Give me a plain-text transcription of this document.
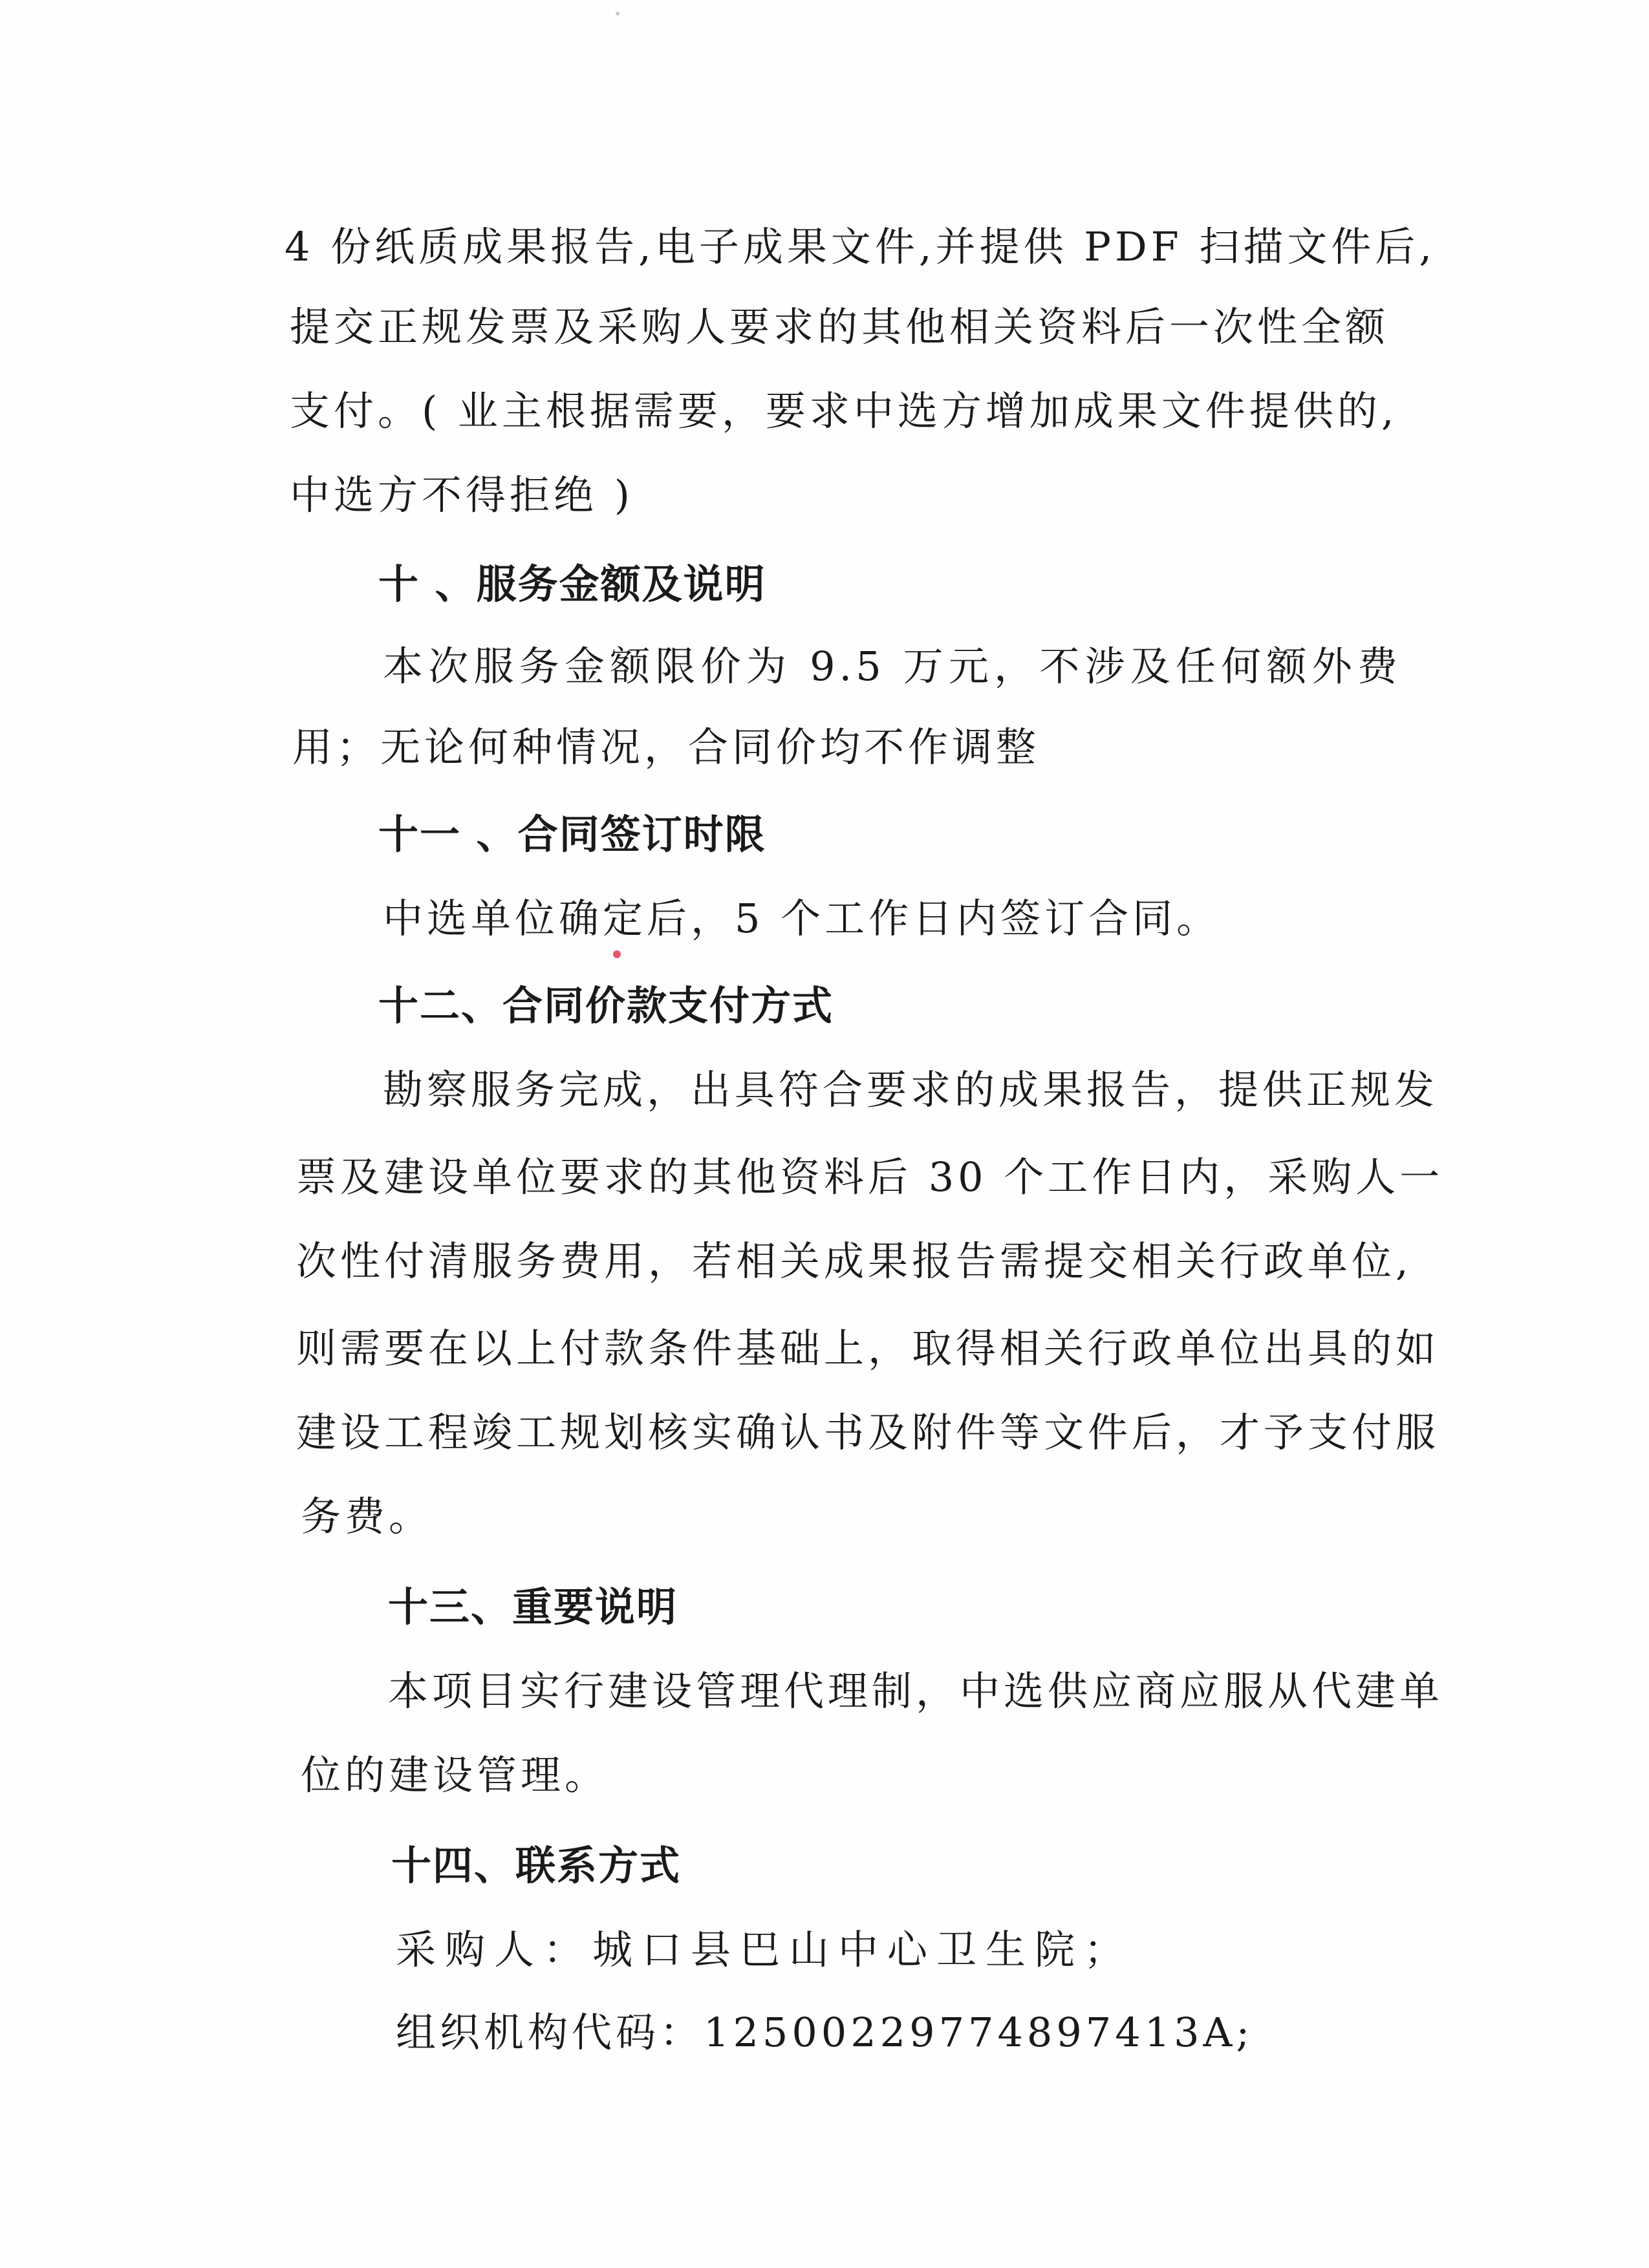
4 份纸质成果报告,电子成果文件,并提供 PDF 扫描文件后,
提交正规发票及采购人要求的其他相关资料后一次性全额
支付。( 业主根据需要，要求中选方增加成果文件提供的,
中选方不得拒绝 )
十 、服务金额及说明
本次服务金额限价为 9.5 万元，不涉及任何额外费
用；无论何种情况，合同价均不作调整
十一 、合同签订时限
中选单位确定后，5 个工作日内签订合同。
十二、合同价款支付方式
勘察服务完成，出具符合要求的成果报告，提供正规发
票及建设单位要求的其他资料后 30 个工作日内，采购人一
次性付清服务费用，若相关成果报告需提交相关行政单位,
则需要在以上付款条件基础上，取得相关行政单位出具的如
建设工程竣工规划核实确认书及附件等文件后，才予支付服
务费。
十三、重要说明
本项目实行建设管理代理制，中选供应商应服从代建单
位的建设管理。
十四、联系方式
采购人：城口县巴山中心卫生院；
组织机构代码：12500229774897413A;
